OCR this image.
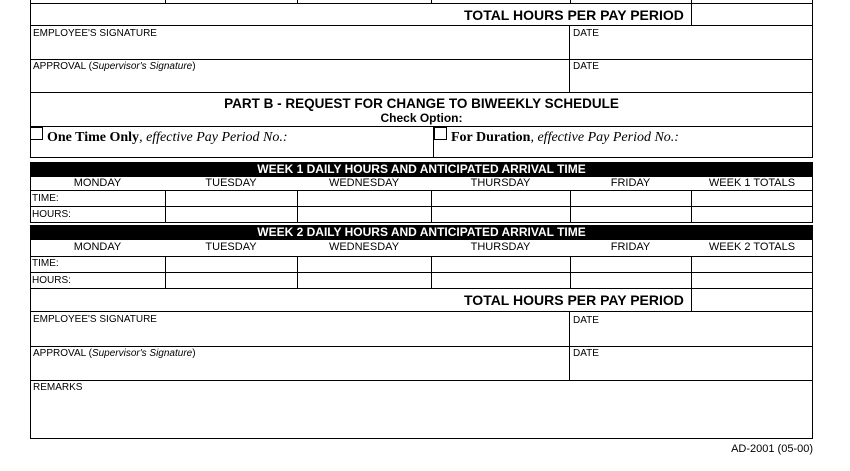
TOTAL HOURS PER PAY PERIOD
EMPLOYEE'S SIGNATURE	DATE
APPROVAL (Supervisor's Signature)	DATE
PART B - REQUEST FOR CHANGE TO BIWEEKLY SCHEDULE
Check Option:
One Time Only, effective Pay Period No.:	For Duration, effective Pay Period No.:
WEEK 1 DAILY HOURS AND ANTICIPATED ARRIVAL TIME
MONDAY	TUESDAY	WEDNESDAY	THURSDAY	FRIDAY	WEEK 1 TOTALS
TIME:
HOURS:
WEEK 2 DAILY HOURS AND ANTICIPATED ARRIVAL TIME
MONDAY	TUESDAY	WEDNESDAY	THURSDAY	FRIDAY	WEEK 2 TOTALS
TIME:
HOURS:
TOTAL HOURS PER PAY PERIOD
EMPLOYEE'S SIGNATURE	DATE
APPROVAL (Supervisor's Signature)	DATE
REMARKS
AD-2001 (05-00)
